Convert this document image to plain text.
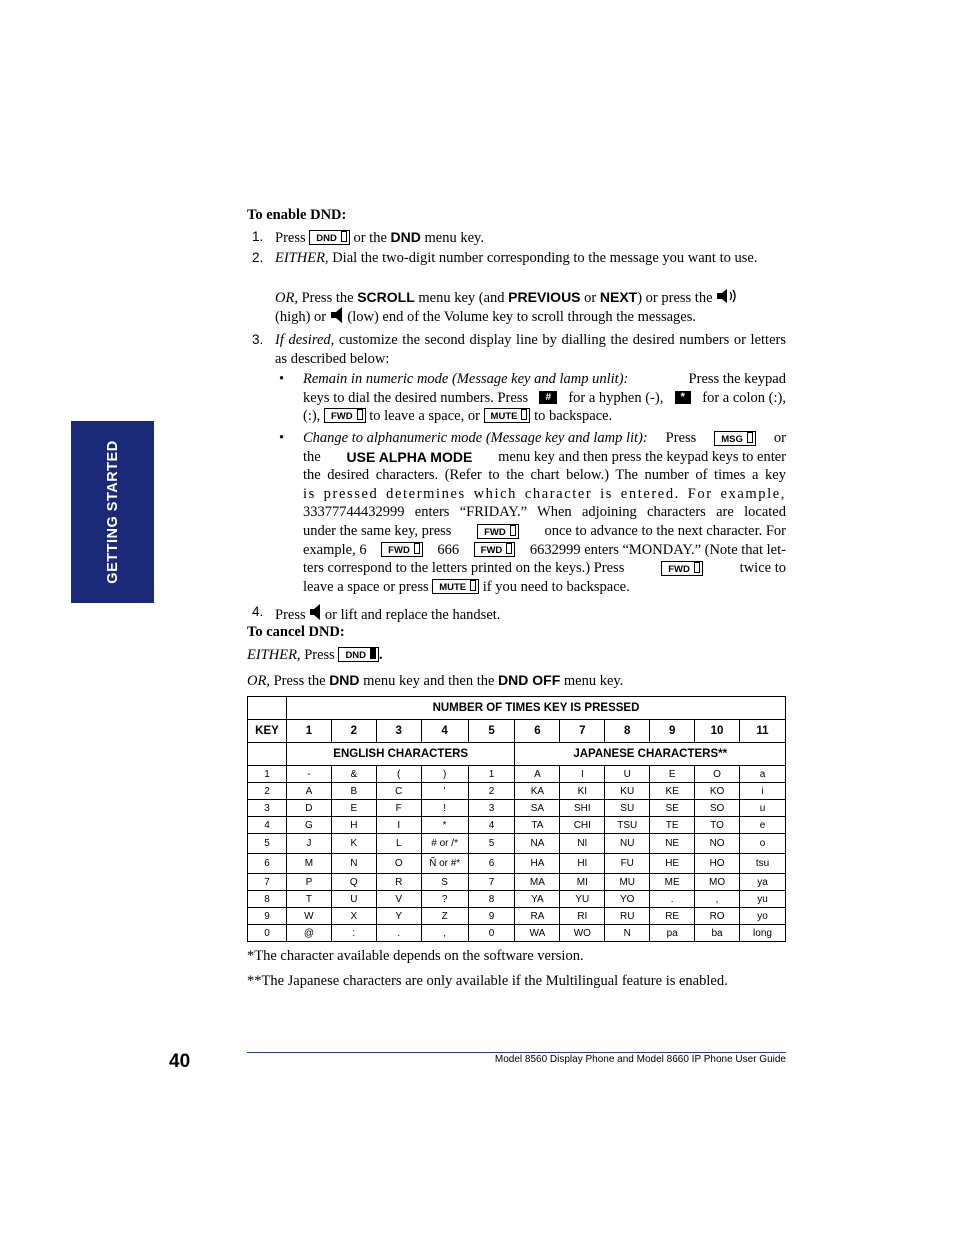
GETTING STARTED
To enable DND:
1. Press DND or the DND menu key.
2. EITHER, Dial the two-digit number corresponding to the message you want to use.
OR, Press the SCROLL menu key (and PREVIOUS or NEXT) or press the
(high) or (low) end of the Volume key to scroll through the messages.
3. If desired, customize the second display line by dialling the desired numbers or letters as described below:
• Remain in numeric mode (Message key and lamp unlit):	Press the keypad
keys to dial the desired numbers. Press	#	for a hyphen (-),	*	for a colon (:),
(:), FWD to leave a space, or MUTE to backspace.
• Change to alphanumeric mode (Message key and lamp lit): Press	MSG	or
the USE ALPHA MODE menu key and then press the keypad keys to enter
the desired characters. (Refer to the chart below.) The number of times a key
is pressed determines which character is entered. For example,
33377744432999 enters “FRIDAY.” When adjoining characters are located
under the same key, press	FWD	once to advance to the next character. For
example, 6	FWD	666	FWD	6632999 enters “MONDAY.” (Note that let-
ters correspond to the letters printed on the keys.) Press	FWD	twice to
leave a space or press MUTE if you need to backspace.
4. Press or lift and replace the handset.
To cancel DND:
EITHER, Press DND .
OR, Press the DND menu key and then the DND OFF menu key.
	NUMBER OF TIMES KEY IS PRESSED										
KEY	1	2	3	4	5	6	7	8	9	10	11
	ENGLISH CHARACTERS					JAPANESE CHARACTERS**					
1	-	&	(	)	1	A	I	U	E	O	a
2	A	B	C	'	2	KA	KI	KU	KE	KO	i
3	D	E	F	!	3	SA	SHI	SU	SE	SO	u
4	G	H	I	*	4	TA	CHI	TSU	TE	TO	e
5	J	K	L	# or /*	5	NA	NI	NU	NE	NO	o
6	M	N	O	Ñ or #*	6	HA	HI	FU	HE	HO	tsu
7	P	Q	R	S	7	MA	MI	MU	ME	MO	ya
8	T	U	V	?	8	YA	YU	YO	.	,	yu
9	W	X	Y	Z	9	RA	RI	RU	RE	RO	yo
0	@	:	.	,	0	WA	WO	N	pa	ba	long
*The character available depends on the software version.
**The Japanese characters are only available if the Multilingual feature is enabled.
40	Model 8560 Display Phone and Model 8660 IP Phone User Guide
